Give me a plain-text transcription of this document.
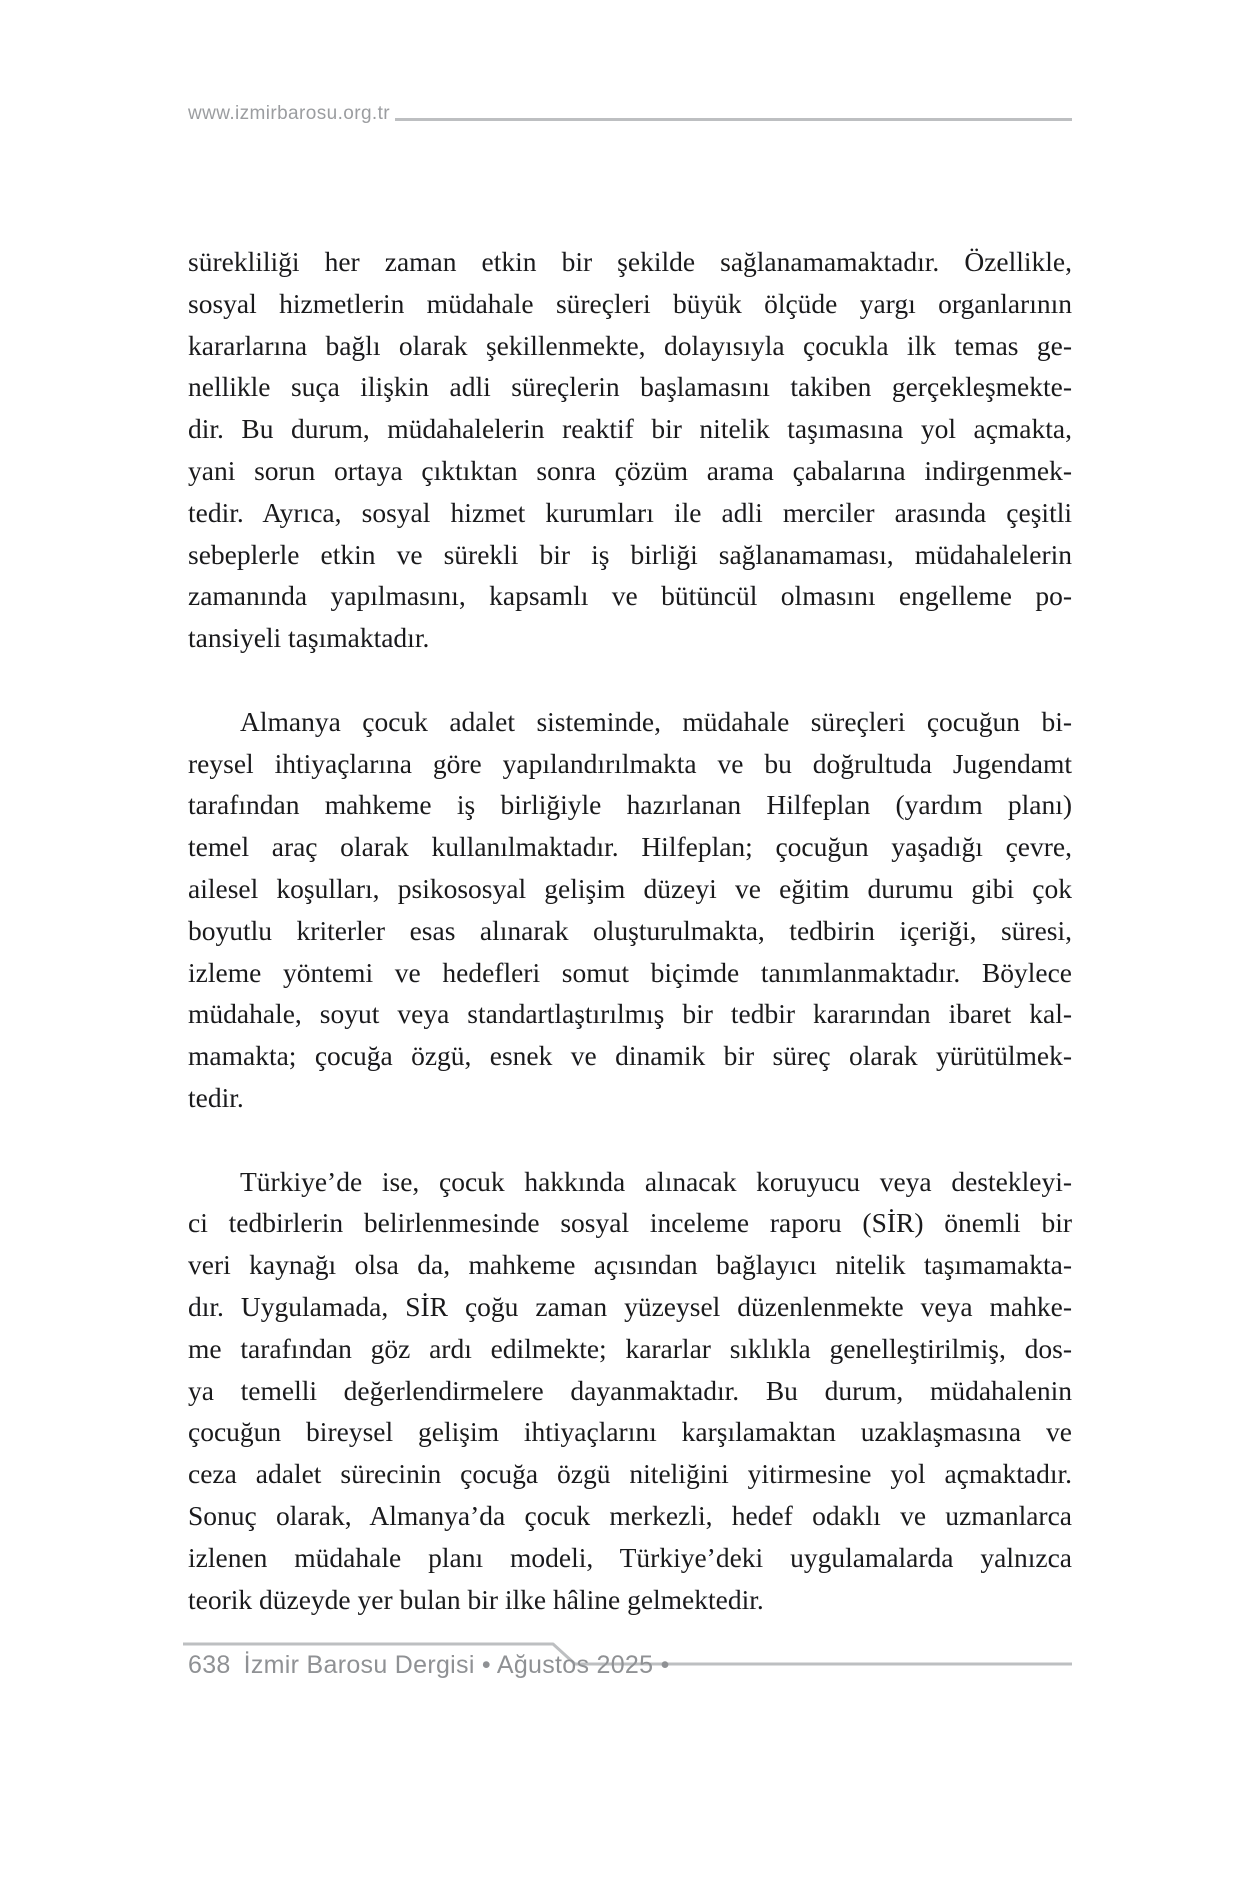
www.izmirbarosu.org.tr
sürekliliği her zaman etkin bir şekilde sağlanamamaktadır. Özellikle,
sosyal hizmetlerin müdahale süreçleri büyük ölçüde yargı organlarının
kararlarına bağlı olarak şekillenmekte, dolayısıyla çocukla ilk temas ge-
nellikle suça ilişkin adli süreçlerin başlamasını takiben gerçekleşmekte-
dir. Bu durum, müdahalelerin reaktif bir nitelik taşımasına yol açmakta,
yani sorun ortaya çıktıktan sonra çözüm arama çabalarına indirgenmek-
tedir. Ayrıca, sosyal hizmet kurumları ile adli merciler arasında çeşitli
sebeplerle etkin ve sürekli bir iş birliği sağlanamaması, müdahalelerin
zamanında yapılmasını, kapsamlı ve bütüncül olmasını engelleme po-
tansiyeli taşımaktadır.
Almanya çocuk adalet sisteminde, müdahale süreçleri çocuğun bi-
reysel ihtiyaçlarına göre yapılandırılmakta ve bu doğrultuda Jugendamt
tarafından mahkeme iş birliğiyle hazırlanan Hilfeplan (yardım planı)
temel araç olarak kullanılmaktadır. Hilfeplan; çocuğun yaşadığı çevre,
ailesel koşulları, psikososyal gelişim düzeyi ve eğitim durumu gibi çok
boyutlu kriterler esas alınarak oluşturulmakta, tedbirin içeriği, süresi,
izleme yöntemi ve hedefleri somut biçimde tanımlanmaktadır. Böylece
müdahale, soyut veya standartlaştırılmış bir tedbir kararından ibaret kal-
mamakta; çocuğa özgü, esnek ve dinamik bir süreç olarak yürütülmek-
tedir.
Türkiye’de ise, çocuk hakkında alınacak koruyucu veya destekleyi-
ci tedbirlerin belirlenmesinde sosyal inceleme raporu (SİR) önemli bir
veri kaynağı olsa da, mahkeme açısından bağlayıcı nitelik taşımamakta-
dır. Uygulamada, SİR çoğu zaman yüzeysel düzenlenmekte veya mahke-
me tarafından göz ardı edilmekte; kararlar sıklıkla genelleştirilmiş, dos-
ya temelli değerlendirmelere dayanmaktadır. Bu durum, müdahalenin
çocuğun bireysel gelişim ihtiyaçlarını karşılamaktan uzaklaşmasına ve
ceza adalet sürecinin çocuğa özgü niteliğini yitirmesine yol açmaktadır.
Sonuç olarak, Almanya’da çocuk merkezli, hedef odaklı ve uzmanlarca
izlenen müdahale planı modeli, Türkiye’deki uygulamalarda yalnızca
teorik düzeyde yer bulan bir ilke hâline gelmektedir.
638 İzmir Barosu Dergisi • Ağustos 2025 •
